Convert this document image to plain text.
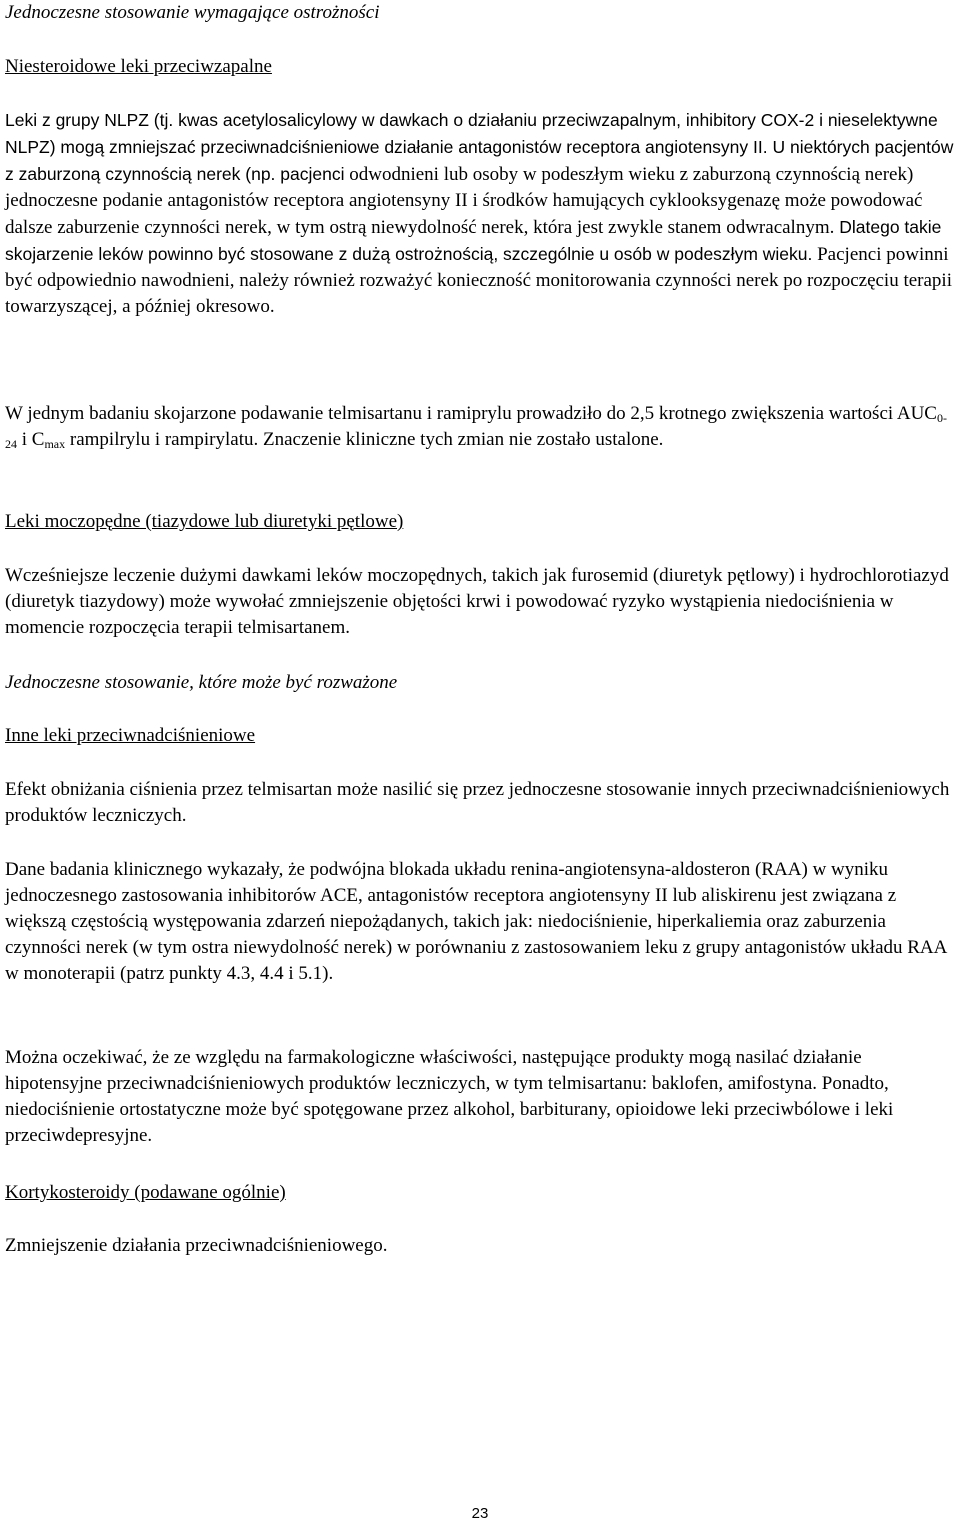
Jednoczesne stosowanie wymagające ostrożności

Niesteroidowe leki przeciwzapalne

Leki z grupy NLPZ (tj. kwas acetylosalicylowy w dawkach o działaniu przeciwzapalnym, inhibitory COX-2 i nieselektywne NLPZ) mogą zmniejszać przeciwnadciśnieniowe działanie antagonistów receptora angiotensyny II. U niektórych pacjentów z zaburzoną czynnością nerek (np. pacjenci odwodnieni lub osoby w podeszłym wieku z zaburzoną czynnością nerek) jednoczesne podanie antagonistów receptora angiotensyny II i środków hamujących cyklooksygenazę może powodować dalsze zaburzenie czynności nerek, w tym ostrą niewydolność nerek, która jest zwykle stanem odwracalnym. Dlatego takie skojarzenie leków powinno być stosowane z dużą ostrożnością, szczególnie u osób w podeszłym wieku. Pacjenci powinni być odpowiednio nawodnieni, należy również rozważyć konieczność monitorowania czynności nerek po rozpoczęciu terapii towarzyszącej, a później okresowo.

W jednym badaniu skojarzone podawanie telmisartanu i ramiprylu prowadziło do 2,5 krotnego zwiększenia wartości $AUC_{0-24}$ i $C_{max}$ rampilrylu i rampirylatu. Znaczenie kliniczne tych zmian nie zostało ustalone.

Leki moczopędne (tiazydowe lub diuretyki pętlowe)

Wcześniejsze leczenie dużymi dawkami leków moczopędnych, takich jak furosemid (diuretyk pętlowy) i hydrochlorotiazyd (diuretyk tiazydowy) może wywołać zmniejszenie objętości krwi i powodować ryzyko wystąpienia niedociśnienia w momencie rozpoczęcia terapii telmisartanem.

Jednoczesne stosowanie, które może być rozważone

Inne leki przeciwnadciśnieniowe

Efekt obniżania ciśnienia przez telmisartan może nasilić się przez jednoczesne stosowanie innych przeciwnadciśnieniowych produktów leczniczych.

Dane badania klinicznego wykazały, że podwójna blokada układu renina-angiotensyna-aldosteron (RAA) w wyniku jednoczesnego zastosowania inhibitorów ACE, antagonistów receptora angiotensyny II lub aliskirenu jest związana z większą częstością występowania zdarzeń niepożądanych, takich jak: niedociśnienie, hiperkaliemia oraz zaburzenia czynności nerek (w tym ostra niewydolność nerek) w porównaniu z zastosowaniem leku z grupy antagonistów układu RAA w monoterapii (patrz punkty 4.3, 4.4 i 5.1).

Można oczekiwać, że ze względu na farmakologiczne właściwości, następujące produkty mogą nasilać działanie hipotensyjne przeciwnadciśnieniowych produktów leczniczych, w tym telmisartanu: baklofen, amifostyna. Ponadto, niedociśnienie ortostatyczne może być spotęgowane przez alkohol, barbiturany, opioidowe leki przeciwbólowe i leki przeciwdepresyjne.

Kortykosteroidy (podawane ogólnie)

Zmniejszenie działania przeciwnadciśnieniowego.

23
